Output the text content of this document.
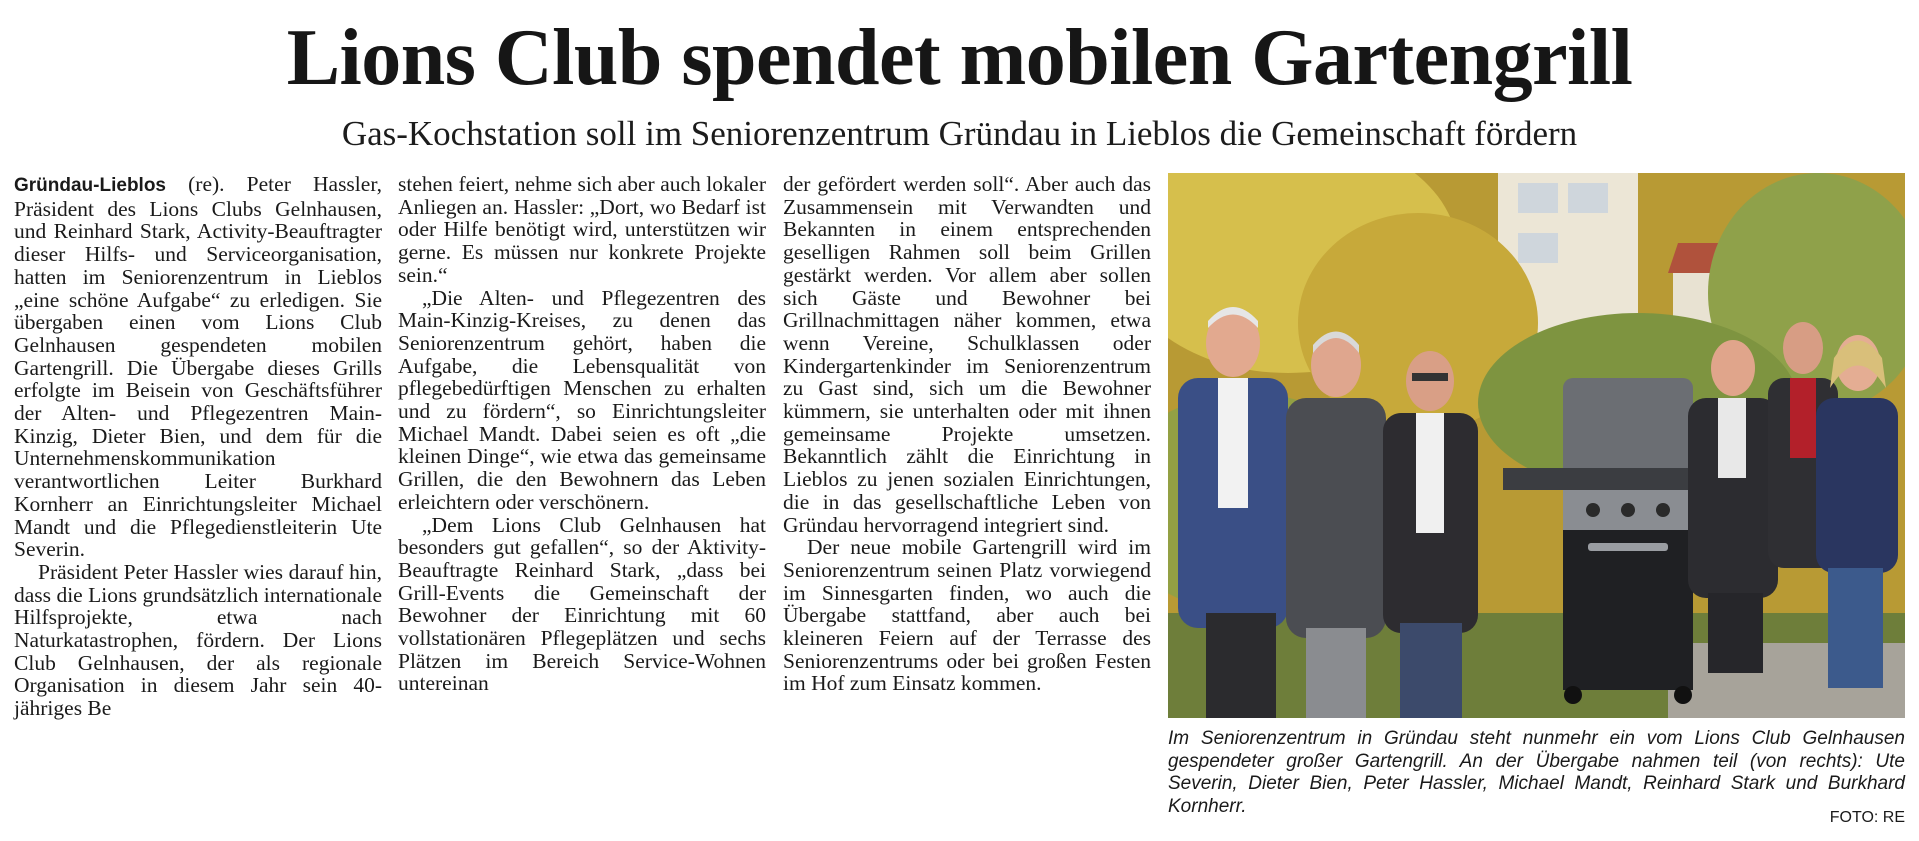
Lions Club spendet mobilen Gartengrill
Gas-Kochstation soll im Seniorenzentrum Gründau in Lieblos die Gemeinschaft fördern

Gründau-Lieblos (re). Peter Hassler, Präsident des Lions Clubs Gelnhausen, und Reinhard Stark, Activity-Beauftragter dieser Hilfs- und Serviceorganisation, hatten im Seniorenzentrum in Lieblos „eine schöne Aufgabe“ zu erledigen. Sie übergaben einen vom Lions Club Gelnhausen gespendeten mobilen Gartengrill. Die Übergabe dieses Grills erfolgte im Beisein von Geschäftsführer der Alten- und Pflegezentren Main-Kinzig, Dieter Bien, und dem für die Unternehmenskommunikation verantwortlichen Leiter Burkhard Kornherr an Einrichtungsleiter Michael Mandt und die Pflegedienstleiterin Ute Severin.

Präsident Peter Hassler wies darauf hin, dass die Lions grundsätzlich internationale Hilfsprojekte, etwa nach Naturkatastrophen, fördern. Der Lions Club Gelnhausen, der als regionale Organisation in diesem Jahr sein 40-jähriges Be

stehen feiert, nehme sich aber auch lokaler Anliegen an. Hassler: „Dort, wo Bedarf ist oder Hilfe benötigt wird, unterstützen wir gerne. Es müssen nur konkrete Projekte sein.“

„Die Alten- und Pflegezentren des Main-Kinzig-Kreises, zu denen das Seniorenzentrum gehört, haben die Aufgabe, die Lebensqualität von pflegebedürftigen Menschen zu erhalten und zu fördern“, so Einrichtungsleiter Michael Mandt. Dabei seien es oft „die kleinen Dinge“, wie etwa das gemeinsame Grillen, die den Bewohnern das Leben erleichtern oder verschönern.

„Dem Lions Club Gelnhausen hat besonders gut gefallen“, so der Aktivity-Beauftragte Reinhard Stark, „dass bei Grill-Events die Gemeinschaft der Bewohner der Einrichtung mit 60 vollstationären Pflegeplätzen und sechs Plätzen im Bereich Service-Wohnen untereinan

der gefördert werden soll“. Aber auch das Zusammensein mit Verwandten und Bekannten in einem entsprechenden geselligen Rahmen soll beim Grillen gestärkt werden. Vor allem aber sollen sich Gäste und Bewohner bei Grillnachmittagen näher kommen, etwa wenn Vereine, Schulklassen oder Kindergartenkinder im Seniorenzentrum zu Gast sind, sich um die Bewohner kümmern, sie unterhalten oder mit ihnen gemeinsame Projekte umsetzen. Bekanntlich zählt die Einrichtung in Lieblos zu jenen sozialen Einrichtungen, die in das gesellschaftliche Leben von Gründau hervorragend integriert sind.

Der neue mobile Gartengrill wird im Seniorenzentrum seinen Platz vorwiegend im Sinnesgarten finden, wo auch die Übergabe stattfand, aber auch bei kleineren Feiern auf der Terrasse des Seniorenzentrums oder bei großen Festen im Hof zum Einsatz kommen.

Im Seniorenzentrum in Gründau steht nunmehr ein vom Lions Club Gelnhausen gespendeter großer Gartengrill. An der Übergabe nahmen teil (von rechts): Ute Severin, Dieter Bien, Peter Hassler, Michael Mandt, Reinhard Stark und Burkhard Kornherr.
FOTO: RE
